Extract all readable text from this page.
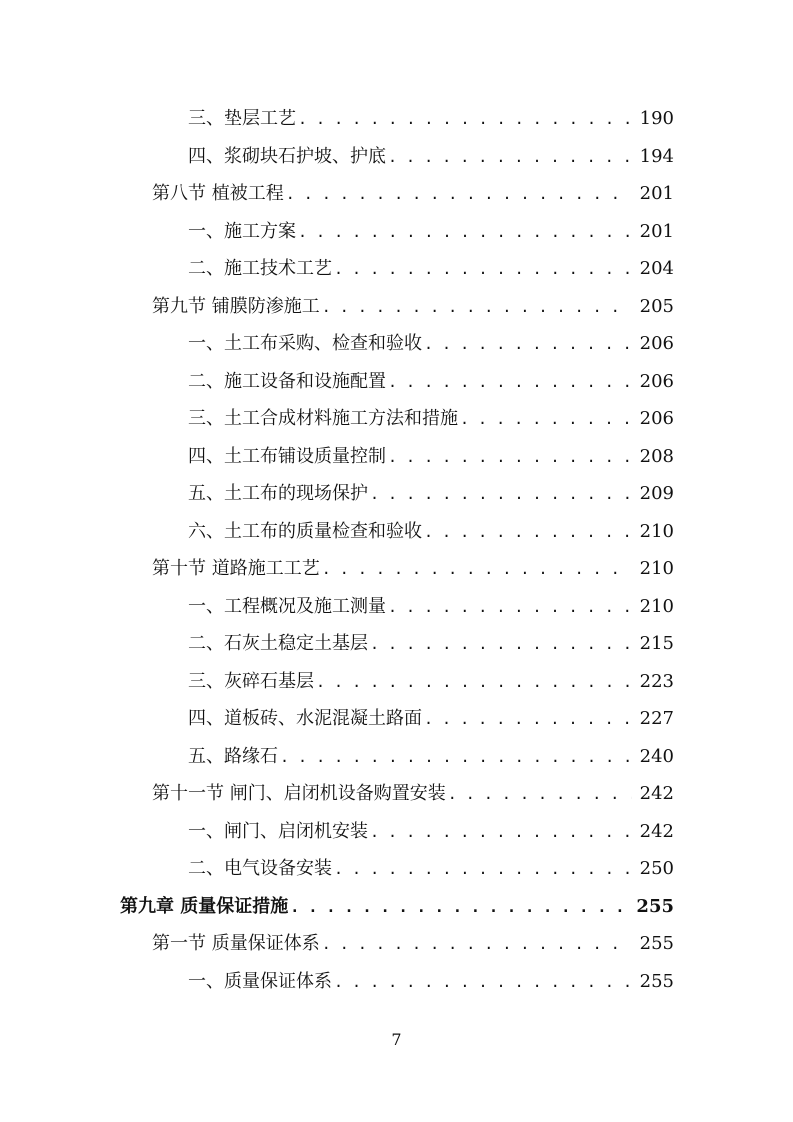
三、垫层工艺 . . .	190
四、浆砌块石护坡、护底 . . .	194
第八节 植被工程 . . .	201
一、施工方案 . . .	201
二、施工技术工艺 . . .	204
第九节 铺膜防渗施工 . . .	205
一、土工布采购、检查和验收 . . .	206
二、施工设备和设施配置 . . .	206
三、土工合成材料施工方法和措施 . . .	206
四、土工布铺设质量控制 . . .	208
五、土工布的现场保护 . . .	209
六、土工布的质量检查和验收 . . .	210
第十节 道路施工工艺 . . .	210
一、工程概况及施工测量 . . .	210
二、石灰土稳定土基层 . . .	215
三、灰碎石基层 . . .	223
四、道板砖、水泥混凝土路面 . . .	227
五、路缘石 . . .	240
第十一节 闸门、启闭机设备购置安装 . . .	242
一、闸门、启闭机安装 . . .	242
二、电气设备安装 . . .	250
第九章 质量保证措施 . . .	255
第一节 质量保证体系 . . .	255
一、质量保证体系 . . .	255
7
